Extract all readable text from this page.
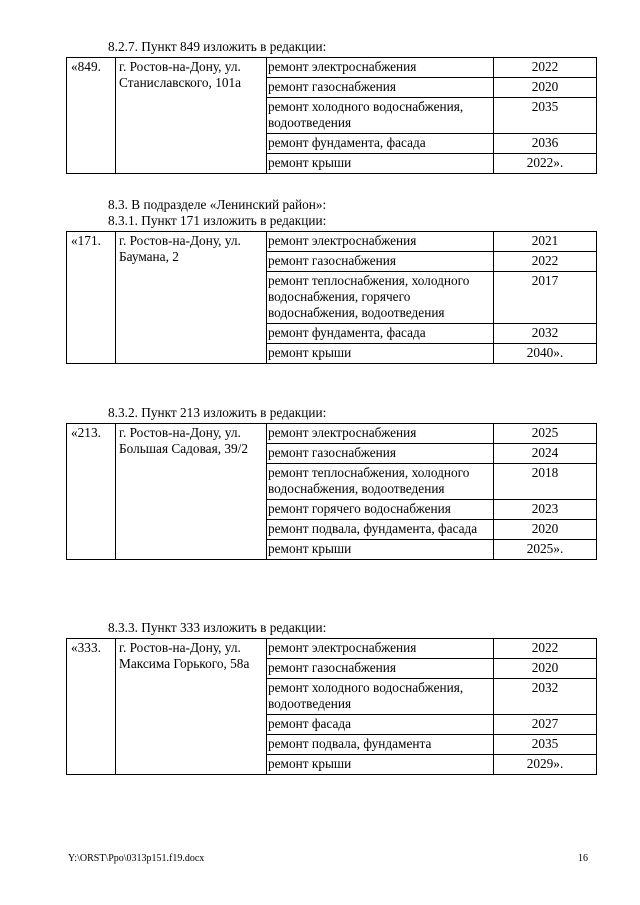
8.2.7. Пункт 849 изложить в редакции:
«849.	г. Ростов-на-Дону, ул. Станиславского, 101а	ремонт электроснабжения	2022
		ремонт газоснабжения	2020
		ремонт холодного водоснабжения, водоотведения	2035
		ремонт фундамента, фасада	2036
		ремонт крыши	2022».
8.3. В подразделе «Ленинский район»:
8.3.1. Пункт 171 изложить в редакции:
«171.	г. Ростов-на-Дону, ул. Баумана, 2	ремонт электроснабжения	2021
		ремонт газоснабжения	2022
		ремонт теплоснабжения, холодного водоснабжения, горячего водоснабжения, водоотведения	2017
		ремонт фундамента, фасада	2032
		ремонт крыши	2040».
8.3.2. Пункт 213 изложить в редакции:
«213.	г. Ростов-на-Дону, ул. Большая Садовая, 39/2	ремонт электроснабжения	2025
		ремонт газоснабжения	2024
		ремонт теплоснабжения, холодного водоснабжения, водоотведения	2018
		ремонт горячего водоснабжения	2023
		ремонт подвала, фундамента, фасада	2020
		ремонт крыши	2025».
8.3.3. Пункт 333 изложить в редакции:
«333.	г. Ростов-на-Дону, ул. Максима Горького, 58а	ремонт электроснабжения	2022
		ремонт газоснабжения	2020
		ремонт холодного водоснабжения, водоотведения	2032
		ремонт фасада	2027
		ремонт подвала, фундамента	2035
		ремонт крыши	2029».
Y:\ORST\Ppo\0313p151.f19.docx	16
